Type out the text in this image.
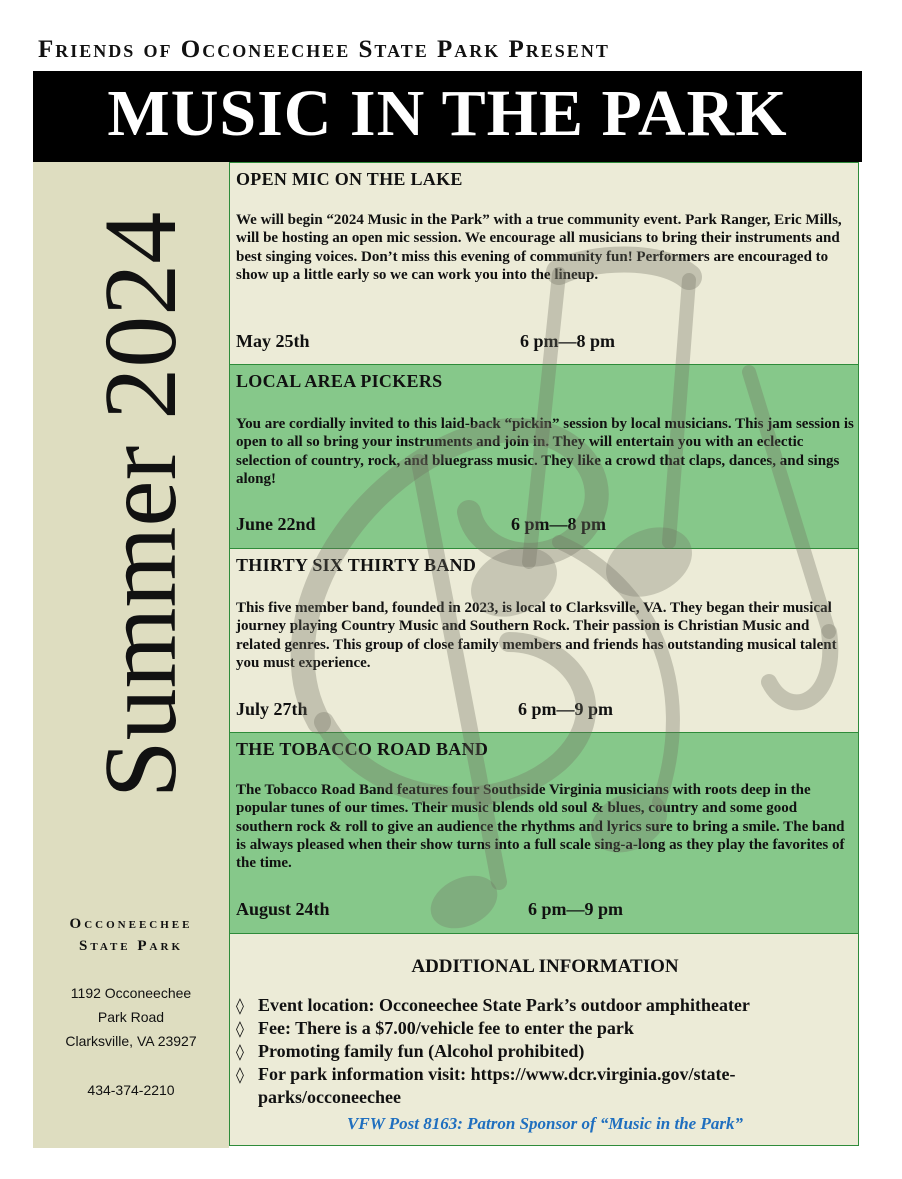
Friends of Occoneechee State Park Present
MUSIC IN THE PARK
Summer 2024
Occoneechee
State Park
1192 Occoneechee
Park Road
Clarksville, VA 23927
434-374-2210
OPEN MIC ON THE LAKE
We will begin “2024 Music in the Park” with a true community event. Park Ranger, Eric Mills, will be hosting an open mic session. We encourage all musicians to bring their instruments and best singing voices. Don’t miss this evening of community fun! Performers are encouraged to show up a little early so we can work you into the lineup.
May 25th	6 pm—8 pm
LOCAL AREA PICKERS
You are cordially invited to this laid-back “pickin” session by local musicians. This jam session is open to all so bring your instruments and join in. They will entertain you with an eclectic selection of country, rock, and bluegrass music. They like a crowd that claps, dances, and sings along!
June 22nd	6 pm—8 pm
THIRTY SIX THIRTY BAND
This five member band, founded in 2023, is local to Clarksville, VA. They began their musical journey playing Country Music and Southern Rock. Their passion is Christian Music and related genres. This group of close family members and friends has outstanding musical talent you must experience.
July 27th	6 pm—9 pm
THE TOBACCO ROAD BAND
The Tobacco Road Band features four Southside Virginia musicians with roots deep in the popular tunes of our times. Their music blends old soul & blues, country and some good southern rock & roll to give an audience the rhythms and lyrics sure to bring a smile. The band is always pleased when their show turns into a full scale sing-a-long as they play the favorites of the time.
August 24th	6 pm—9 pm
ADDITIONAL INFORMATION
◊ Event location: Occoneechee State Park’s outdoor amphitheater
◊ Fee: There is a $7.00/vehicle fee to enter the park
◊ Promoting family fun (Alcohol prohibited)
◊ For park information visit: https://www.dcr.virginia.gov/state-parks/occoneechee
VFW Post 8163: Patron Sponsor of “Music in the Park”
